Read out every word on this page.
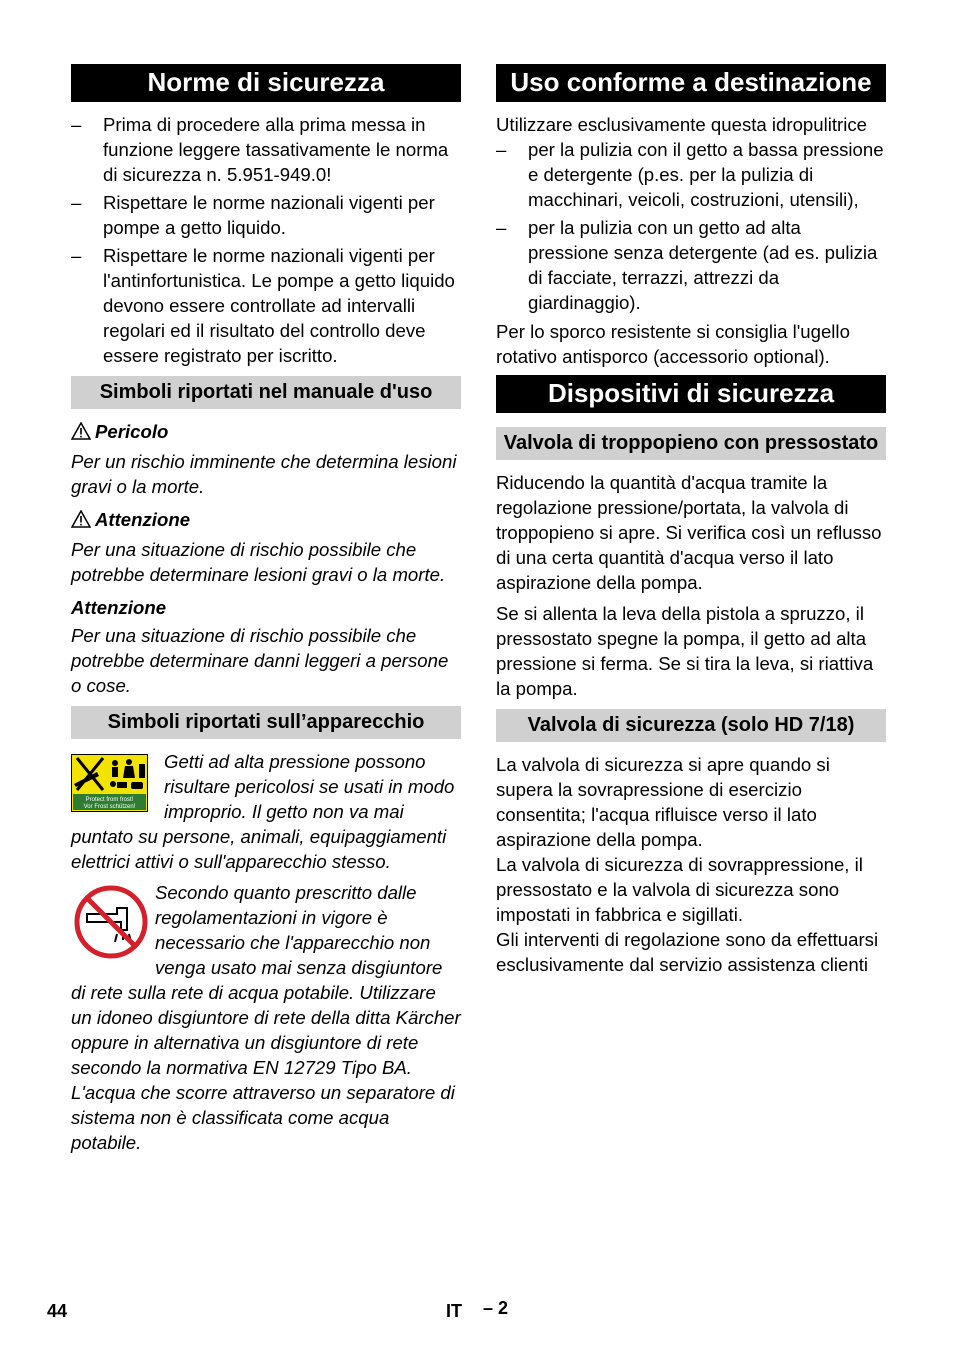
Norme di sicurezza
– Prima di procedere alla prima messa in funzione leggere tassativamente le norma di sicurezza n. 5.951-949.0!
– Rispettare le norme nazionali vigenti per pompe a getto liquido.
– Rispettare le norme nazionali vigenti per l'antinfortunistica. Le pompe a getto liquido devono essere controllate ad intervalli regolari ed il risultato del controllo deve essere registrato per iscritto.
Simboli riportati nel manuale d'uso
Pericolo

Per un rischio imminente che determina lesioni gravi o la morte.

Attenzione

Per una situazione di rischio possibile che potrebbe determinare lesioni gravi o la morte.

Attenzione

Per una situazione di rischio possibile che potrebbe determinare danni leggeri a persone o cose.

Simboli riportati sull’apparecchio
Protect from frost!
Vor Frost schützen!

Getti ad alta pressione possono risultare pericolosi se usati in modo improprio. Il getto non va mai puntato su persone, animali, equipaggiamenti elettrici attivi o sull'apparecchio stesso.

Secondo quanto prescritto dalle regolamentazioni in vigore è necessario che l'apparecchio non venga usato mai senza disgiuntore di rete sulla rete di acqua potabile. Utilizzare un idoneo disgiuntore di rete della ditta Kärcher oppure in alternativa un disgiuntore di rete secondo la normativa EN 12729 Tipo BA.

L'acqua che scorre attraverso un separatore di sistema non è classificata come acqua potabile.

Uso conforme a destinazione

Utilizzare esclusivamente questa idropulitrice

– per la pulizia con il getto a bassa pressione e detergente (p.es. per la pulizia di macchinari, veicoli, costruzioni, utensili),
– per la pulizia con un getto ad alta pressione senza detergente (ad es. pulizia di facciate, terrazzi, attrezzi da giardinaggio).

Per lo sporco resistente si consiglia l'ugello rotativo antisporco (accessorio optional).

Dispositivi di sicurezza
Valvola di troppopieno con pressostato

Riducendo la quantità d'acqua tramite la regolazione pressione/portata, la valvola di troppopieno si apre. Si verifica così un reflusso di una certa quantità d'acqua verso il lato aspirazione della pompa.

Se si allenta la leva della pistola a spruzzo, il pressostato spegne la pompa, il getto ad alta pressione si ferma. Se si tira la leva, si riattiva la pompa.

Valvola di sicurezza (solo HD 7/18)

La valvola di sicurezza si apre quando si supera la sovrapressione di esercizio consentita; l'acqua rifluisce verso il lato aspirazione della pompa.

La valvola di sicurezza di sovrappressione, il pressostato e la valvola di sicurezza sono impostati in fabbrica e sigillati.

Gli interventi di regolazione sono da effettuarsi esclusivamente dal servizio assistenza clienti

44	IT – 2
